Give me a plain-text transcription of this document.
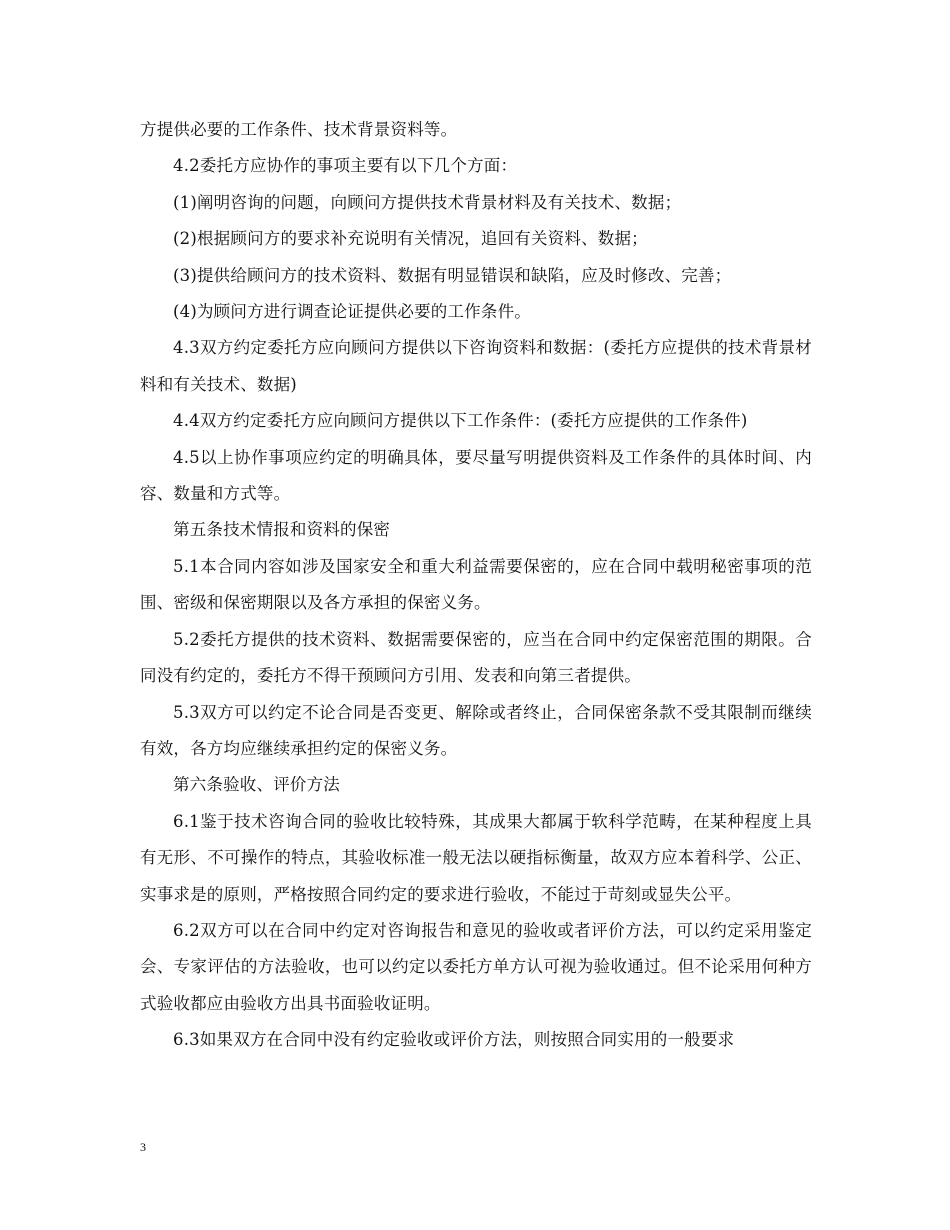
方提供必要的工作条件、技术背景资料等。

4.2委托方应协作的事项主要有以下几个方面：

(1)阐明咨询的问题，向顾问方提供技术背景材料及有关技术、数据；

(2)根据顾问方的要求补充说明有关情况，追回有关资料、数据；

(3)提供给顾问方的技术资料、数据有明显错误和缺陷，应及时修改、完善；

(4)为顾问方进行调查论证提供必要的工作条件。

4.3双方约定委托方应向顾问方提供以下咨询资料和数据：(委托方应提供的技术背景材料和有关技术、数据)

4.4双方约定委托方应向顾问方提供以下工作条件：(委托方应提供的工作条件)

4.5以上协作事项应约定的明确具体，要尽量写明提供资料及工作条件的具体时间、内容、数量和方式等。

第五条技术情报和资料的保密

5.1本合同内容如涉及国家安全和重大利益需要保密的，应在合同中载明秘密事项的范围、密级和保密期限以及各方承担的保密义务。

5.2委托方提供的技术资料、数据需要保密的，应当在合同中约定保密范围的期限。合同没有约定的，委托方不得干预顾问方引用、发表和向第三者提供。

5.3双方可以约定不论合同是否变更、解除或者终止，合同保密条款不受其限制而继续有效，各方均应继续承担约定的保密义务。

第六条验收、评价方法

6.1鉴于技术咨询合同的验收比较特殊，其成果大都属于软科学范畴，在某种程度上具有无形、不可操作的特点，其验收标准一般无法以硬指标衡量，故双方应本着科学、公正、实事求是的原则，严格按照合同约定的要求进行验收，不能过于苛刻或显失公平。

6.2双方可以在合同中约定对咨询报告和意见的验收或者评价方法，可以约定采用鉴定会、专家评估的方法验收，也可以约定以委托方单方认可视为验收通过。但不论采用何种方式验收都应由验收方出具书面验收证明。

6.3如果双方在合同中没有约定验收或评价方法，则按照合同实用的一般要求

3
